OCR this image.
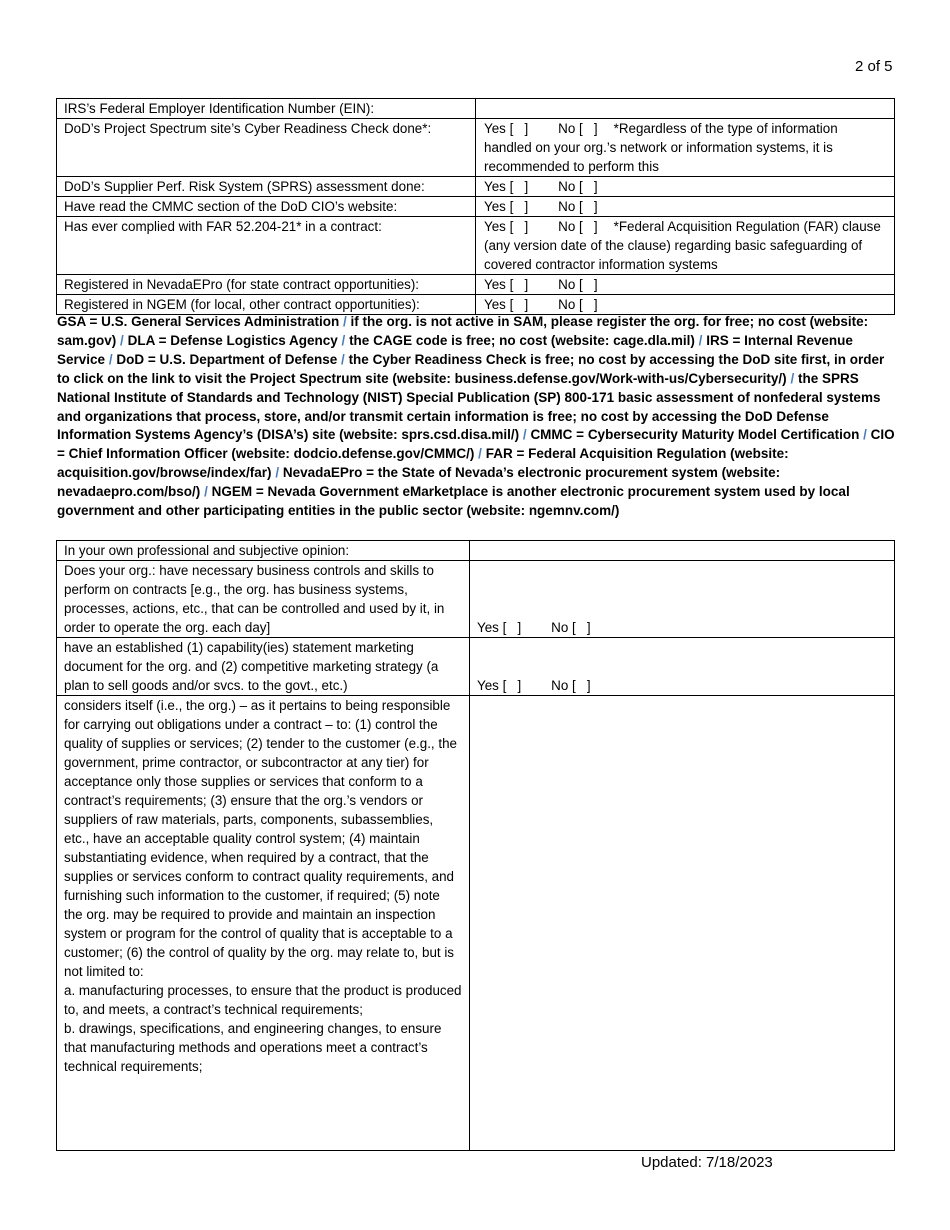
2 of 5
IRS’s Federal Employer Identification Number (EIN):	
DoD’s Project Spectrum site’s Cyber Readiness Check done*:	Yes [   ] No [   ] *Regardless of the type of information handled on your org.’s network or information systems, it is recommended to perform this
DoD’s Supplier Perf. Risk System (SPRS) assessment done:	Yes [   ] No [   ]
Have read the CMMC section of the DoD CIO’s website:	Yes [   ] No [   ]
Has ever complied with FAR 52.204-21* in a contract:	Yes [   ] No [   ] *Federal Acquisition Regulation (FAR) clause (any version date of the clause) regarding basic safeguarding of covered contractor information systems
Registered in NevadaEPro (for state contract opportunities):	Yes [   ] No [   ]
Registered in NGEM (for local, other contract opportunities):	Yes [   ] No [   ]
GSA = U.S. General Services Administration / if the org. is not active in SAM, please register the org. for free; no cost (website: sam.gov) / DLA = Defense Logistics Agency / the CAGE code is free; no cost (website: cage.dla.mil) / IRS = Internal Revenue Service / DoD = U.S. Department of Defense / the Cyber Readiness Check is free; no cost by accessing the DoD site first, in order to click on the link to visit the Project Spectrum site (website: business.defense.gov/Work-with-us/Cybersecurity/) / the SPRS National Institute of Standards and Technology (NIST) Special Publication (SP) 800-171 basic assessment of nonfederal systems and organizations that process, store, and/or transmit certain information is free; no cost by accessing the DoD Defense Information Systems Agency’s (DISA’s) site (website: sprs.csd.disa.mil/) / CMMC = Cybersecurity Maturity Model Certification / CIO = Chief Information Officer (website: dodcio.defense.gov/CMMC/) / FAR = Federal Acquisition Regulation (website: acquisition.gov/browse/index/far) / NevadaEPro = the State of Nevada’s electronic procurement system (website: nevadaepro.com/bso/) / NGEM = Nevada Government eMarketplace is another electronic procurement system used by local government and other participating entities in the public sector (website: ngemnv.com/)
In your own professional and subjective opinion:	
Does your org.: have necessary business controls and skills to perform on contracts [e.g., the org. has business systems, processes, actions, etc., that can be controlled and used by it, in order to operate the org. each day]	Yes [   ] No [   ]
have an established (1) capability(ies) statement marketing document for the org. and (2) competitive marketing strategy (a plan to sell goods and/or svcs. to the govt., etc.)	Yes [   ] No [   ]

considers itself (i.e., the org.) – as it pertains to being responsible for carrying out obligations under a contract – to: (1) control the quality of supplies or services; (2) tender to the customer (e.g., the government, prime contractor, or subcontractor at any tier) for acceptance only those supplies or services that conform to a contract’s requirements; (3) ensure that the org.’s vendors or suppliers of raw materials, parts, components, subassemblies, etc., have an acceptable quality control system; (4) maintain substantiating evidence, when required by a contract, that the supplies or services conform to contract quality requirements, and furnishing such information to the customer, if required; (5) note the org. may be required to provide and maintain an inspection system or program for the control of quality that is acceptable to a customer; (6) the control of quality by the org. may relate to, but is not limited to:
a. manufacturing processes, to ensure that the product is produced to, and meets, a contract’s technical requirements;
b. drawings, specifications, and engineering changes, to ensure that manufacturing methods and operations meet a contract’s technical requirements;	

Updated: 7/18/2023
